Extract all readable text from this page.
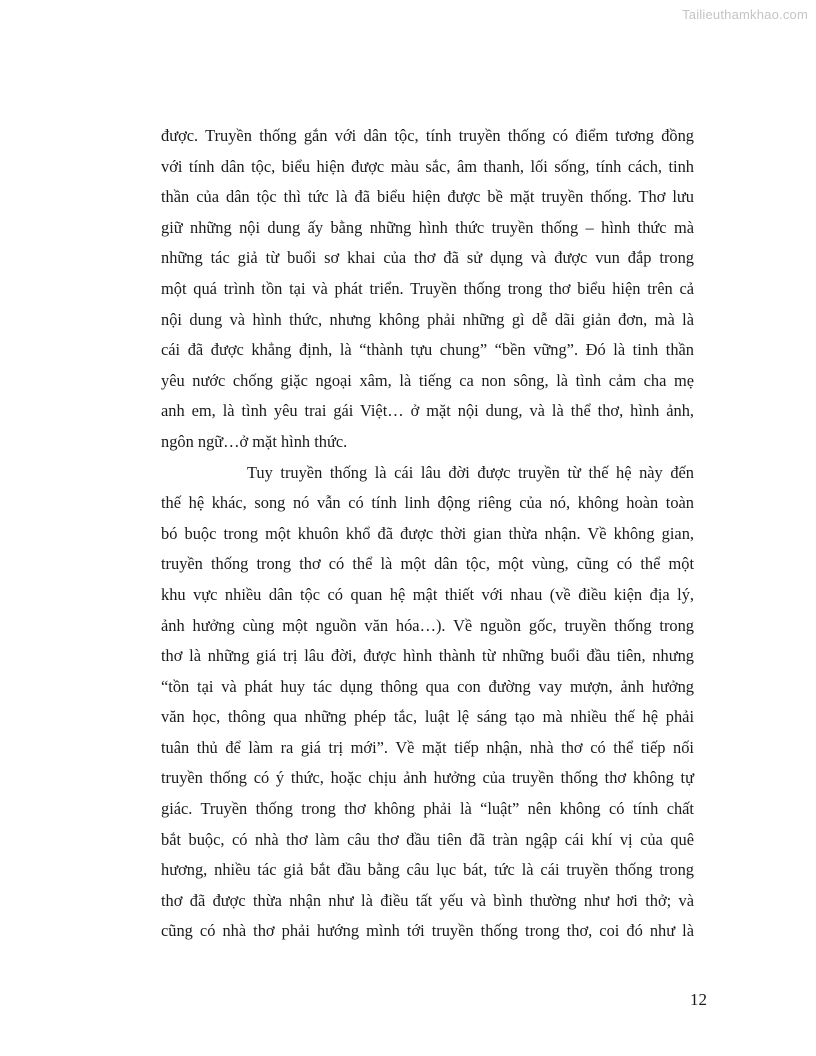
Tailieuthamkhao.com
được. Truyền thống gắn với dân tộc, tính truyền thống có điểm tương đồng
với tính dân tộc, biểu hiện được màu sắc, âm thanh, lối sống, tính cách, tinh
thần của dân tộc thì tức là đã biểu hiện được bề mặt truyền thống. Thơ lưu
giữ những nội dung ấy bằng những hình thức truyền thống – hình thức mà
những tác giả từ buổi sơ khai của thơ đã sử dụng và được vun đắp trong
một quá trình tồn tại và phát triển. Truyền thống trong thơ biểu hiện trên cả
nội dung và hình thức, nhưng không phải những gì dễ dãi giản đơn, mà là
cái đã được khẳng định, là “thành tựu chung” “bền vững”. Đó là tinh thần
yêu nước chống giặc ngoại xâm, là tiếng ca non sông, là tình cảm cha mẹ
anh em, là tình yêu trai gái Việt… ở mặt nội dung, và là thể thơ, hình ảnh,
ngôn ngữ…ở mặt hình thức.
Tuy truyền thống là cái lâu đời được truyền từ thế hệ này đến
thế hệ khác, song nó vẫn có tính linh động riêng của nó, không hoàn toàn
bó buộc trong một khuôn khổ đã được thời gian thừa nhận. Về không gian,
truyền thống trong thơ có thể là một dân tộc, một vùng, cũng có thể một
khu vực nhiều dân tộc có quan hệ mật thiết với nhau (về điều kiện địa lý,
ảnh hưởng cùng một nguồn văn hóa…). Về nguồn gốc, truyền thống trong
thơ là những giá trị lâu đời, được hình thành từ những buổi đầu tiên, nhưng
“tồn tại và phát huy tác dụng thông qua con đường vay mượn, ảnh hưởng
văn học, thông qua những phép tắc, luật lệ sáng tạo mà nhiều thế hệ phải
tuân thủ để làm ra giá trị mới”. Về mặt tiếp nhận, nhà thơ có thể tiếp nối
truyền thống có ý thức, hoặc chịu ảnh hưởng của truyền thống thơ không tự
giác. Truyền thống trong thơ không phải là “luật” nên không có tính chất
bắt buộc, có nhà thơ làm câu thơ đầu tiên đã tràn ngập cái khí vị của quê
hương, nhiều tác giả bắt đầu bằng câu lục bát, tức là cái truyền thống trong
thơ đã được thừa nhận như là điều tất yếu và bình thường như hơi thở; và
cũng có nhà thơ phải hướng mình tới truyền thống trong thơ, coi đó như là
12
